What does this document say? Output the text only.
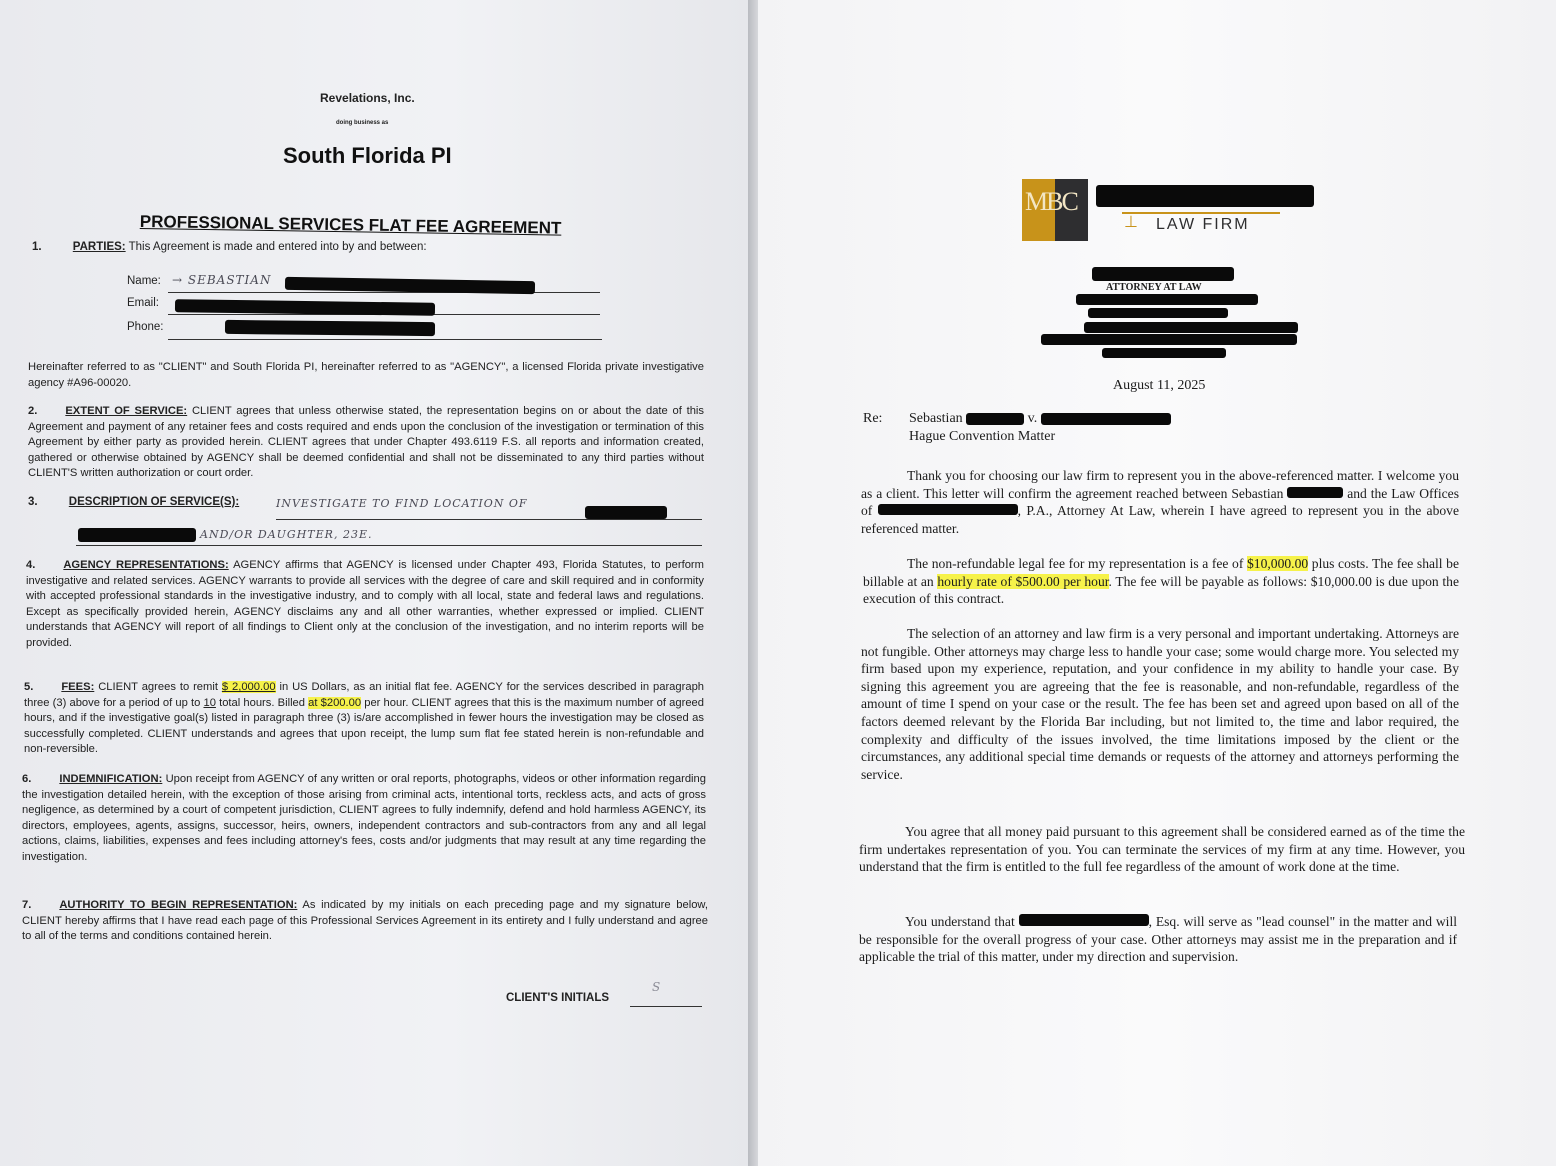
Revelations, Inc.
doing business as
South Florida PI
PROFESSIONAL SERVICES FLAT FEE AGREEMENT
1.	PARTIES: This Agreement is made and entered into by and between:
Name: → SEBASTIAN
Email:
Phone:
Hereinafter referred to as "CLIENT" and South Florida PI, hereinafter referred to as "AGENCY", a licensed Florida private investigative agency #A96-00020.
2.	EXTENT OF SERVICE: CLIENT agrees that unless otherwise stated, the representation begins on or about the date of this Agreement and payment of any retainer fees and costs required and ends upon the conclusion of the investigation or termination of this Agreement by either party as provided herein. CLIENT agrees that under Chapter 493.6119 F.S. all reports and information created, gathered or otherwise obtained by AGENCY shall be deemed confidential and shall not be disseminated to any third parties without CLIENT'S written authorization or court order.
3.	DESCRIPTION OF SERVICE(S):	INVESTIGATE TO FIND LOCATION OF
AND/OR DAUGHTER, 23E.
4.	AGENCY REPRESENTATIONS: AGENCY affirms that AGENCY is licensed under Chapter 493, Florida Statutes, to perform investigative and related services. AGENCY warrants to provide all services with the degree of care and skill required and in conformity with accepted professional standards in the investigative industry, and to comply with all local, state and federal laws and regulations. Except as specifically provided herein, AGENCY disclaims any and all other warranties, whether expressed or implied. CLIENT understands that AGENCY will report of all findings to Client only at the conclusion of the investigation, and no interim reports will be provided.
5.	FEES: CLIENT agrees to remit $ 2,000.00 in US Dollars, as an initial flat fee. AGENCY for the services described in paragraph three (3) above for a period of up to 10 total hours. Billed at $200.00 per hour. CLIENT agrees that this is the maximum number of agreed hours, and if the investigative goal(s) listed in paragraph three (3) is/are accomplished in fewer hours the investigation may be closed as successfully completed. CLIENT understands and agrees that upon receipt, the lump sum flat fee stated herein is non-refundable and non-reversible.
6.	INDEMNIFICATION: Upon receipt from AGENCY of any written or oral reports, photographs, videos or other information regarding the investigation detailed herein, with the exception of those arising from criminal acts, intentional torts, reckless acts, and acts of gross negligence, as determined by a court of competent jurisdiction, CLIENT agrees to fully indemnify, defend and hold harmless AGENCY, its directors, employees, agents, assigns, successor, heirs, owners, independent contractors and sub-contractors from any and all legal actions, claims, liabilities, expenses and fees including attorney's fees, costs and/or judgments that may result at any time regarding the investigation.
7.	AUTHORITY TO BEGIN REPRESENTATION: As indicated by my initials on each preceding page and my signature below, CLIENT hereby affirms that I have read each page of this Professional Services Agreement in its entirety and I fully understand and agree to all of the terms and conditions contained herein.
CLIENT'S INITIALS
S
MBC
⊥ LAW FIRM
ATTORNEY AT LAW
August 11, 2025
Re: Sebastian	v.
Hague Convention Matter
Thank you for choosing our law firm to represent you in the above-referenced matter. I welcome you as a client. This letter will confirm the agreement reached between Sebastian	and the Law Offices of	, P.A., Attorney At Law, wherein I have agreed to represent you in the above referenced matter.
The non-refundable legal fee for my representation is a fee of $10,000.00 plus costs. The fee shall be billable at an hourly rate of $500.00 per hour. The fee will be payable as follows: $10,000.00 is due upon the execution of this contract.
The selection of an attorney and law firm is a very personal and important undertaking. Attorneys are not fungible. Other attorneys may charge less to handle your case; some would charge more. You selected my firm based upon my experience, reputation, and your confidence in my ability to handle your case. By signing this agreement you are agreeing that the fee is reasonable, and non-refundable, regardless of the amount of time I spend on your case or the result. The fee has been set and agreed upon based on all of the factors deemed relevant by the Florida Bar including, but not limited to, the time and labor required, the complexity and difficulty of the issues involved, the time limitations imposed by the client or the circumstances, any additional special time demands or requests of the attorney and attorneys performing the service.
You agree that all money paid pursuant to this agreement shall be considered earned as of the time the firm undertakes representation of you. You can terminate the services of my firm at any time. However, you understand that the firm is entitled to the full fee regardless of the amount of work done at the time.
You understand that	, Esq. will serve as "lead counsel" in the matter and will be responsible for the overall progress of your case. Other attorneys may assist me in the preparation and if applicable the trial of this matter, under my direction and supervision.
